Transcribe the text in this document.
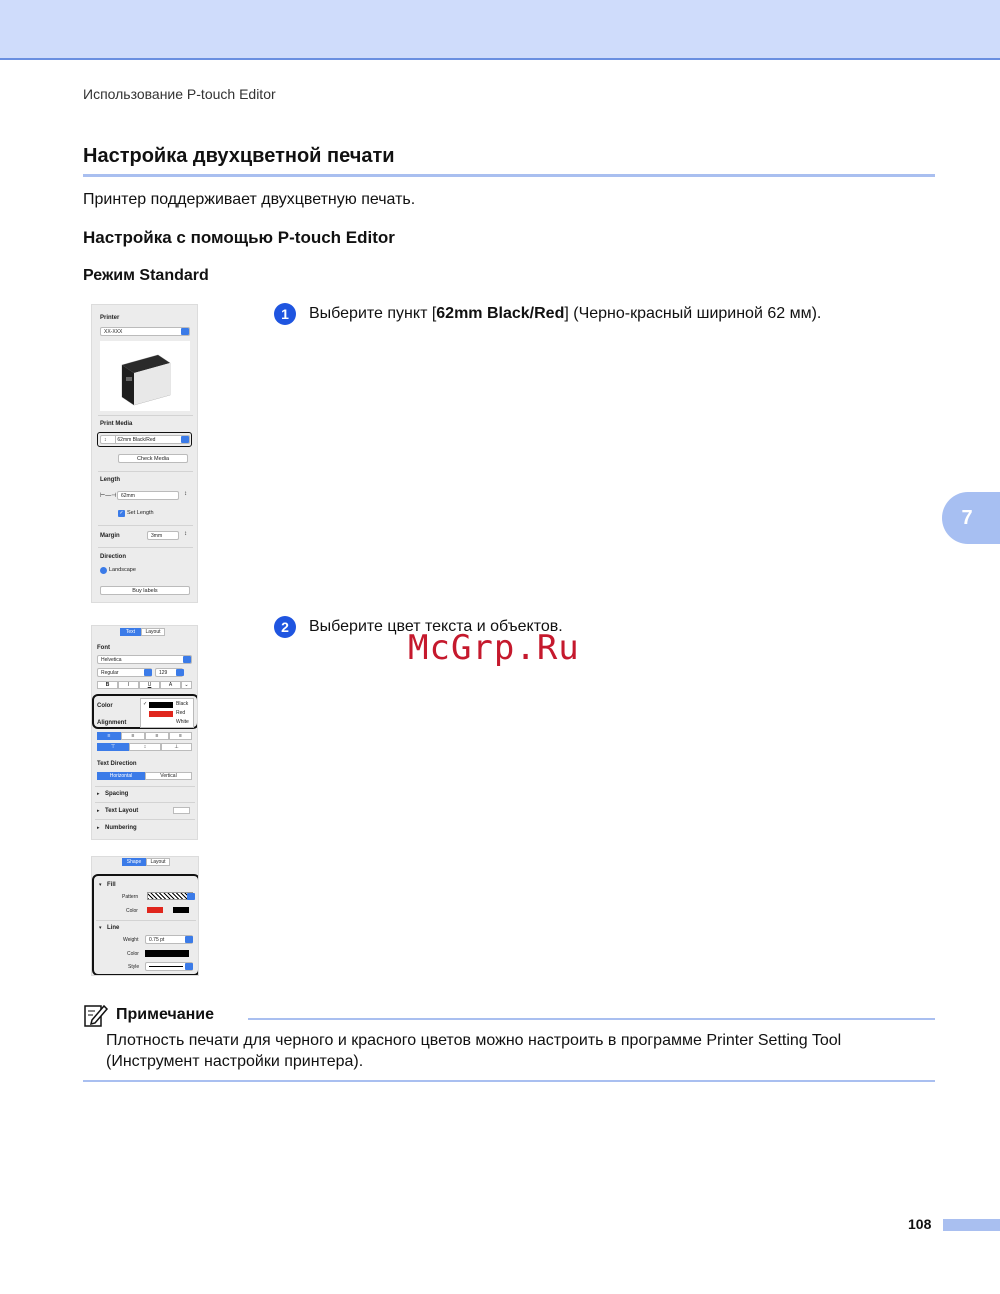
Использование P-touch Editor
Настройка двухцветной печати
Принтер поддерживает двухцветную печать.
Настройка с помощью P-touch Editor
Режим Standard
7
1	Выберите пункт [62mm Black/Red] (Черно-красный шириной 62 мм).
2	Выберите цвет текста и объектов.
McGrp.Ru
Printer
XX-XXX
Print Media
↕ 62mm Black/Red
Check Media
Length
⊢—⊣ 62mm	↕
✓ Set Length
Margin	3mm	↕
Direction
Landscape
Buy labels
Text	Layout
Font
Helvetica
Regular	129
B	I	U	A	⌄
Color
Alignment
✓	Black
Red
White
≡	≡	≡	≡
⊤	↕	⊥
Text Direction
Horizontal	Vertical
▸ Spacing
▸ Text Layout
▸ Numbering
Shape	Layout
▾ Fill
Pattern
Color
▾ Line
Weight	0.75 pt
Color
Style
Примечание
Плотность печати для черного и красного цветов можно настроить в программе Printer Setting Tool (Инструмент настройки принтера).
108
